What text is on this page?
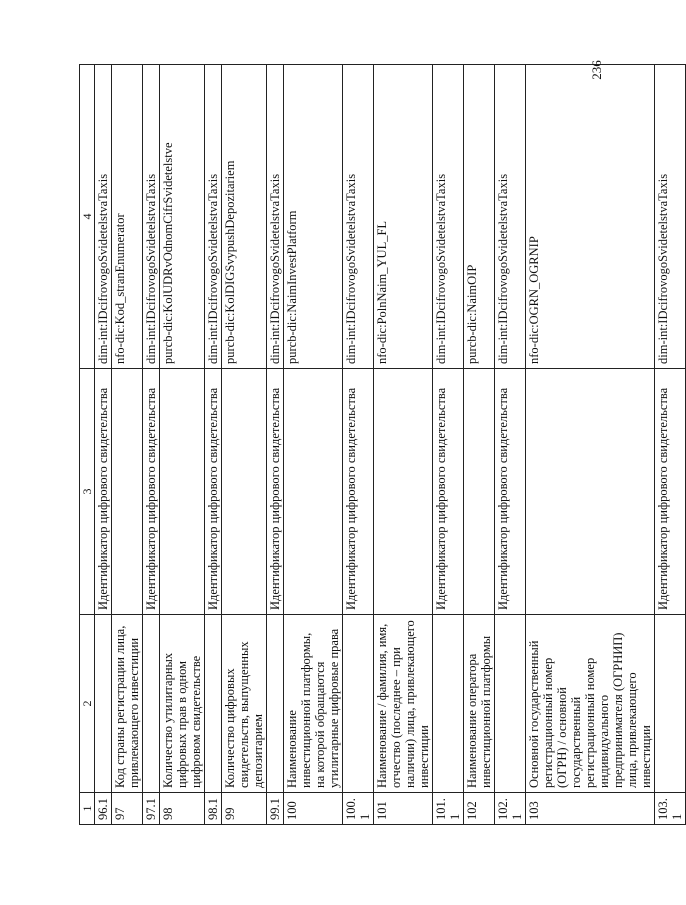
1	2	3	4
96.1		Идентификатор цифрового свидетельства	dim-int:IDcifrovogoSvidetelstvaTaxis
97	Код страны регистрации лица, привлекающего инвестиции		nfo-dic:Kod_stranEnumerator
97.1		Идентификатор цифрового свидетельства	dim-int:IDcifrovogoSvidetelstvaTaxis
98	Количество утилитарных цифровых прав в одном цифровом свидетельстве		purcb-dic:KolUDRvOdnomCifrSvidetelstve
98.1		Идентификатор цифрового свидетельства	dim-int:IDcifrovogoSvidetelstvaTaxis
99	Количество цифровых свидетельств, выпущенных депозитарием		purcb-dic:KolDIGSvypushDepozitariem
99.1		Идентификатор цифрового свидетельства	dim-int:IDcifrovogoSvidetelstvaTaxis
100	Наименование инвестиционной платформы, на которой обращаются утилитарные цифровые права		purcb-dic:NaimInvestPlatform
100.1		Идентификатор цифрового свидетельства	dim-int:IDcifrovogoSvidetelstvaTaxis
101	Наименование / фамилия, имя, отчество (последнее – при наличии) лица, привлекающего инвестиции		nfo-dic:PolnNaim_YUL_FL
101.1		Идентификатор цифрового свидетельства	dim-int:IDcifrovogoSvidetelstvaTaxis
102	Наименование оператора инвестиционной платформы		purcb-dic:NaimOIP
102.1		Идентификатор цифрового свидетельства	dim-int:IDcifrovogoSvidetelstvaTaxis
103	Основной государственный регистрационный номер (ОГРН) / основной государственный регистрационный номер индивидуального предпринимателя (ОГРНИП) лица, привлекающего инвестиции		nfo-dic:OGRN_OGRNIP
103.1		Идентификатор цифрового свидетельства	dim-int:IDcifrovogoSvidetelstvaTaxis
236
